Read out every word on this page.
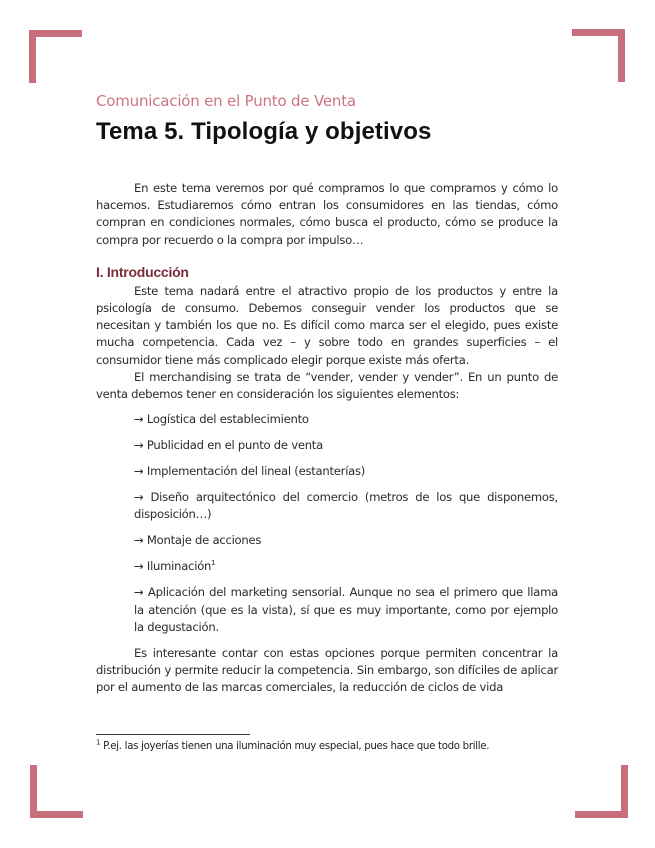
Comunicación en el Punto de Venta
Tema 5. Tipología y objetivos

En este tema veremos por qué compramos lo que compramos y cómo lo hacemos. Estudiaremos cómo entran los consumidores en las tiendas, cómo compran en condiciones normales, cómo busca el producto, cómo se produce la compra por recuerdo o la compra por impulso…

I. Introducción

Este tema nadará entre el atractivo propio de los productos y entre la psicología de consumo. Debemos conseguir vender los productos que se necesitan y también los que no. Es difícil como marca ser el elegido, pues existe mucha competencia. Cada vez – y sobre todo en grandes superficies – el consumidor tiene más complicado elegir porque existe más oferta.

El merchandising se trata de “vender, vender y vender”. En un punto de venta debemos tener en consideración los siguientes elementos:

→ Logística del establecimiento
→ Publicidad en el punto de venta
→ Implementación del lineal (estanterías)
→ Diseño arquitectónico del comercio (metros de los que disponemos, disposición…)
→ Montaje de acciones
→ Iluminación$^1$
→ Aplicación del marketing sensorial. Aunque no sea el primero que llama la atención (que es la vista), sí que es muy importante, como por ejemplo la degustación.

Es interesante contar con estas opciones porque permiten concentrar la distribución y permite reducir la competencia. Sin embargo, son difíciles de aplicar por el aumento de las marcas comerciales, la reducción de ciclos de vida

$^1$ P.ej. las joyerías tienen una iluminación muy especial, pues hace que todo brille.
